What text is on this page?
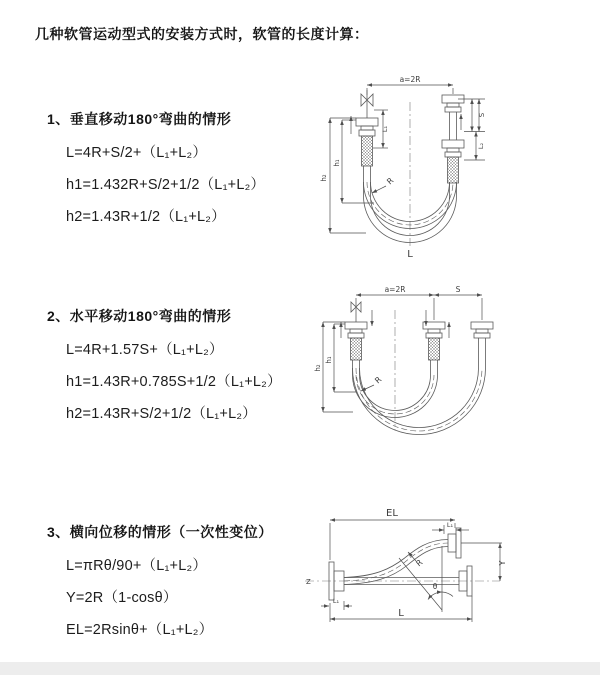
几种软管运动型式的安装方式时，软管的长度计算：
1、垂直移动180°弯曲的情形
L=4R+S/2+（L₁+L₂）
h1=1.432R+S/2+1/2（L₁+L₂）
h2=1.43R+1/2（L₁+L₂）
2、水平移动180°弯曲的情形
L=4R+1.57S+（L₁+L₂）
h1=1.43R+0.785S+1/2（L₁+L₂）
h2=1.43R+S/2+1/2（L₁+L₂）
3、横向位移的情形（一次性变位）
L=πRθ/90+（L₁+L₂）
Y=2R（1-cosθ）
EL=2Rsinθ+（L₁+L₂）
a=2R
h₂
h₁
L₁
S
L₂
R
L
a=2R	S
h₂
h₁
R
Z
EL
L₁
θ
R	Y
L₁
L
